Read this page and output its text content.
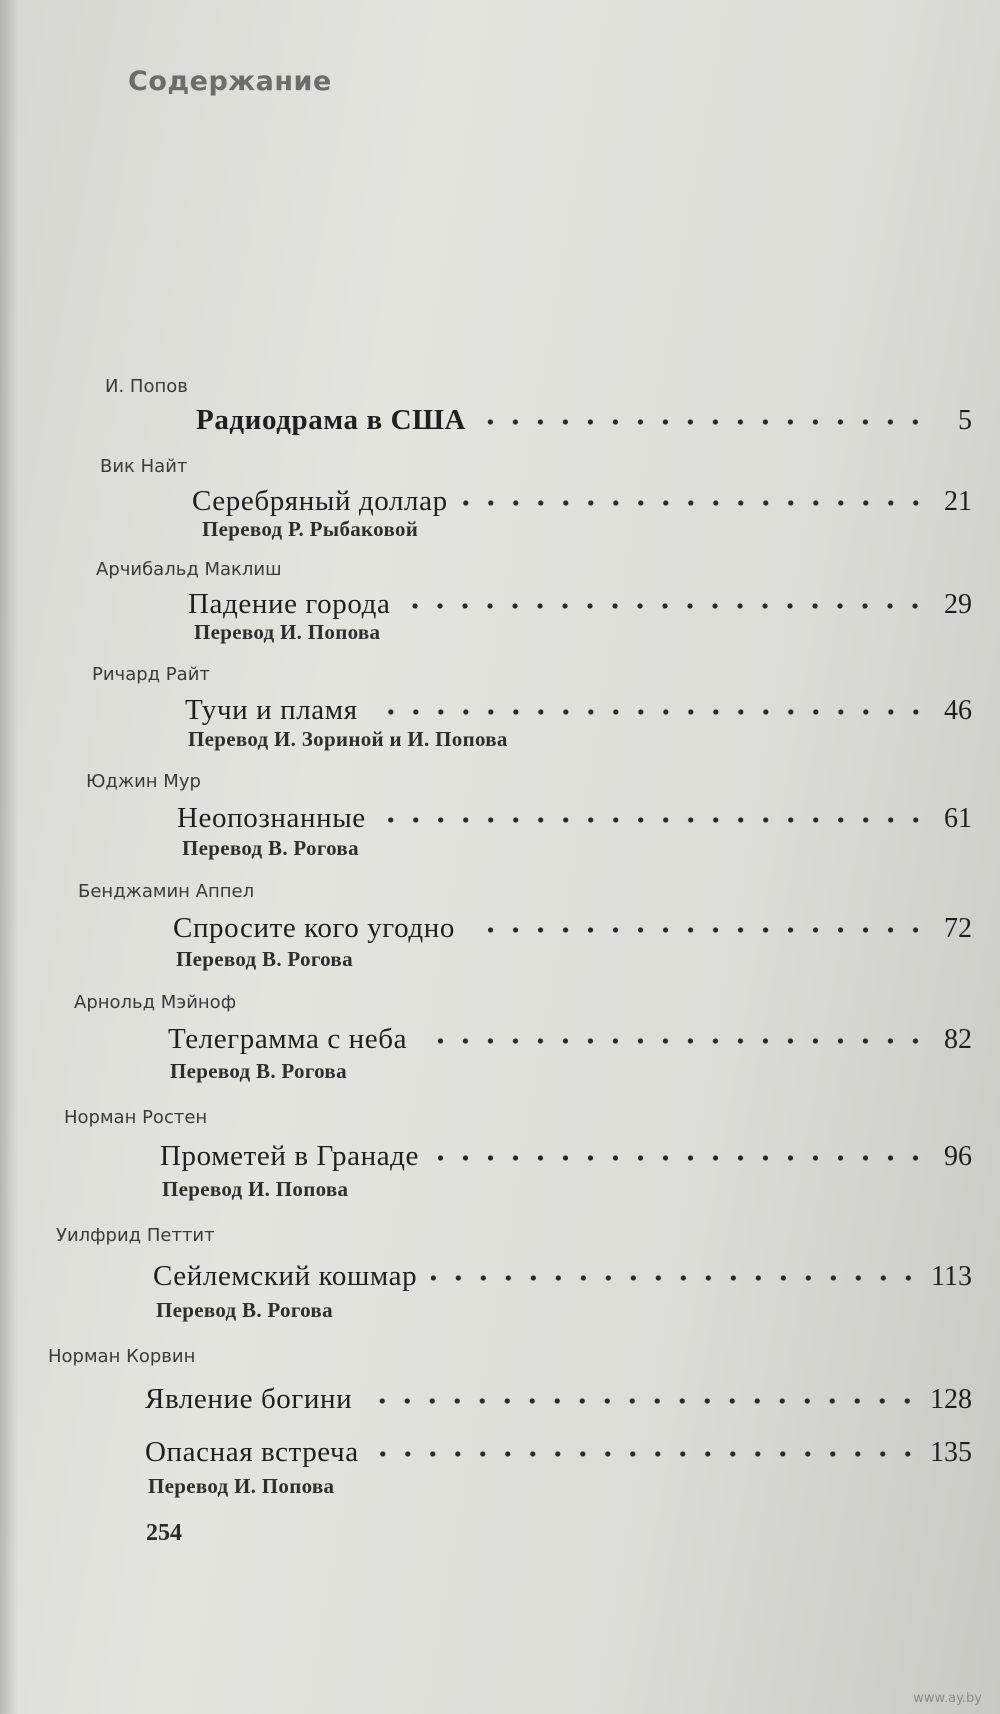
Содержание
И. Попов
Радиодрама в США	5
Вик Найт
Серебряный доллар	21
Перевод Р. Рыбаковой
Арчибальд Маклиш
Падение города	29
Перевод И. Попова
Ричард Райт
Тучи и пламя	46
Перевод И. Зориной и И. Попова
Юджин Мур
Неопознанные	61
Перевод В. Рогова
Бенджамин Аппел
Спросите кого угодно	72
Перевод В. Рогова
Арнольд Мэйноф
Телеграмма с неба	82
Перевод В. Рогова
Норман Ростен
Прометей в Гранаде	96
Перевод И. Попова
Уилфрид Петтит
Сейлемский кошмар	113
Перевод В. Рогова
Норман Корвин
Явление богини	128
Опасная встреча	135
Перевод И. Попова
254
www.ay.by
